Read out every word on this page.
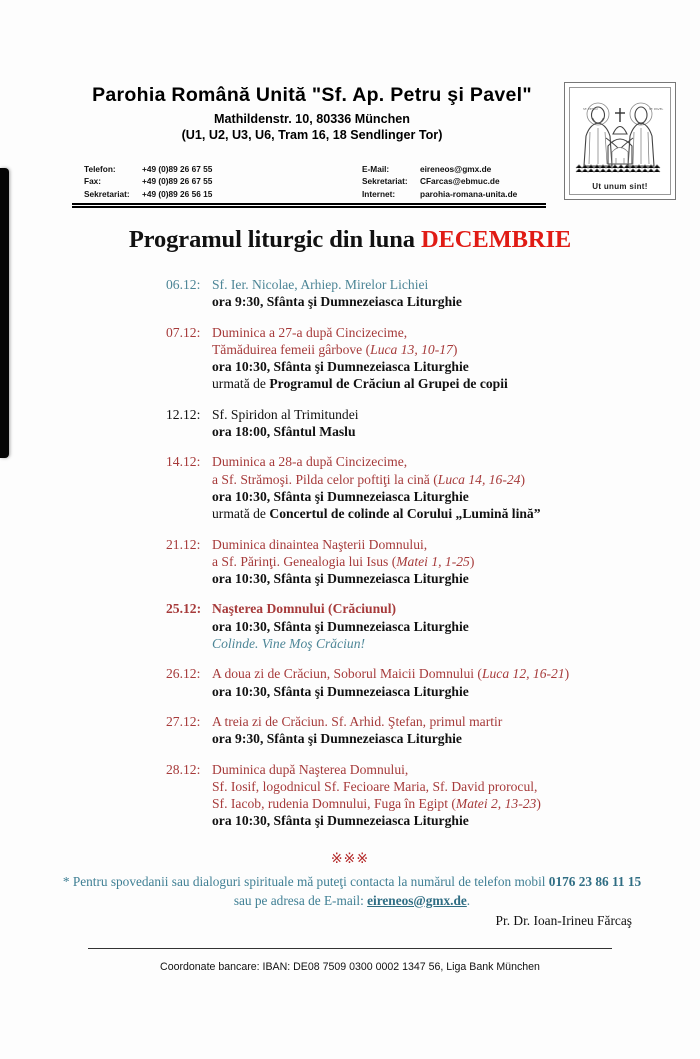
Parohia Română Unită "Sf. Ap. Petru şi Pavel"
Mathildenstr. 10, 80336 München
(U1, U2, U3, U6, Tram 16, 18 Sendlinger Tor)
Telefon:	+49 (0)89 26 67 55
Fax:	+49 (0)89 26 67 55
Sekretariat: +49 (0)89 26 56 15
E-Mail:	eireneos@gmx.de
Sekretariat: CFarcas@ebmuc.de
Internet:	parohia-romana-unita.de
SF. PETRU	SF. PAVEL
Ut unum sint!
Programul liturgic din luna DECEMBRIE
06.12: Sf. Ier. Nicolae, Arhiep. Mirelor Lichiei
ora 9:30, Sfânta şi Dumnezeiasca Liturghie
07.12: Duminica a 27-a după Cincizecime,
Tămăduirea femeii gârbove (Luca 13, 10-17)
ora 10:30, Sfânta şi Dumnezeiasca Liturghie
urmată de Programul de Crăciun al Grupei de copii
12.12: Sf. Spiridon al Trimitundei
ora 18:00, Sfântul Maslu
14.12: Duminica a 28-a după Cincizecime,
a Sf. Strămoşi. Pilda celor poftiţi la cină (Luca 14, 16-24)
ora 10:30, Sfânta şi Dumnezeiasca Liturghie
urmată de Concertul de colinde al Corului „Lumină lină”
21.12: Duminica dinaintea Naşterii Domnului,
a Sf. Părinţi. Genealogia lui Isus (Matei 1, 1-25)
ora 10:30, Sfânta şi Dumnezeiasca Liturghie
25.12: Naşterea Domnului (Crăciunul)
ora 10:30, Sfânta şi Dumnezeiasca Liturghie
Colinde. Vine Moş Crăciun!
26.12: A doua zi de Crăciun, Soborul Maicii Domnului (Luca 12, 16-21)
ora 10:30, Sfânta şi Dumnezeiasca Liturghie
27.12: A treia zi de Crăciun. Sf. Arhid. Ştefan, primul martir
ora 9:30, Sfânta şi Dumnezeiasca Liturghie
28.12: Duminica după Naşterea Domnului,
Sf. Iosif, logodnicul Sf. Fecioare Maria, Sf. David prorocul,
Sf. Iacob, rudenia Domnului, Fuga în Egipt (Matei 2, 13-23)
ora 10:30, Sfânta şi Dumnezeiasca Liturghie
※※※
* Pentru spovedanii sau dialoguri spirituale mă puteţi contacta la numărul de telefon mobil 0176 23 86 11 15 sau pe adresa de E-mail: eireneos@gmx.de.
Pr. Dr. Ioan-Irineu Fărcaş
Coordonate bancare: IBAN: DE08 7509 0300 0002 1347 56, Liga Bank München
